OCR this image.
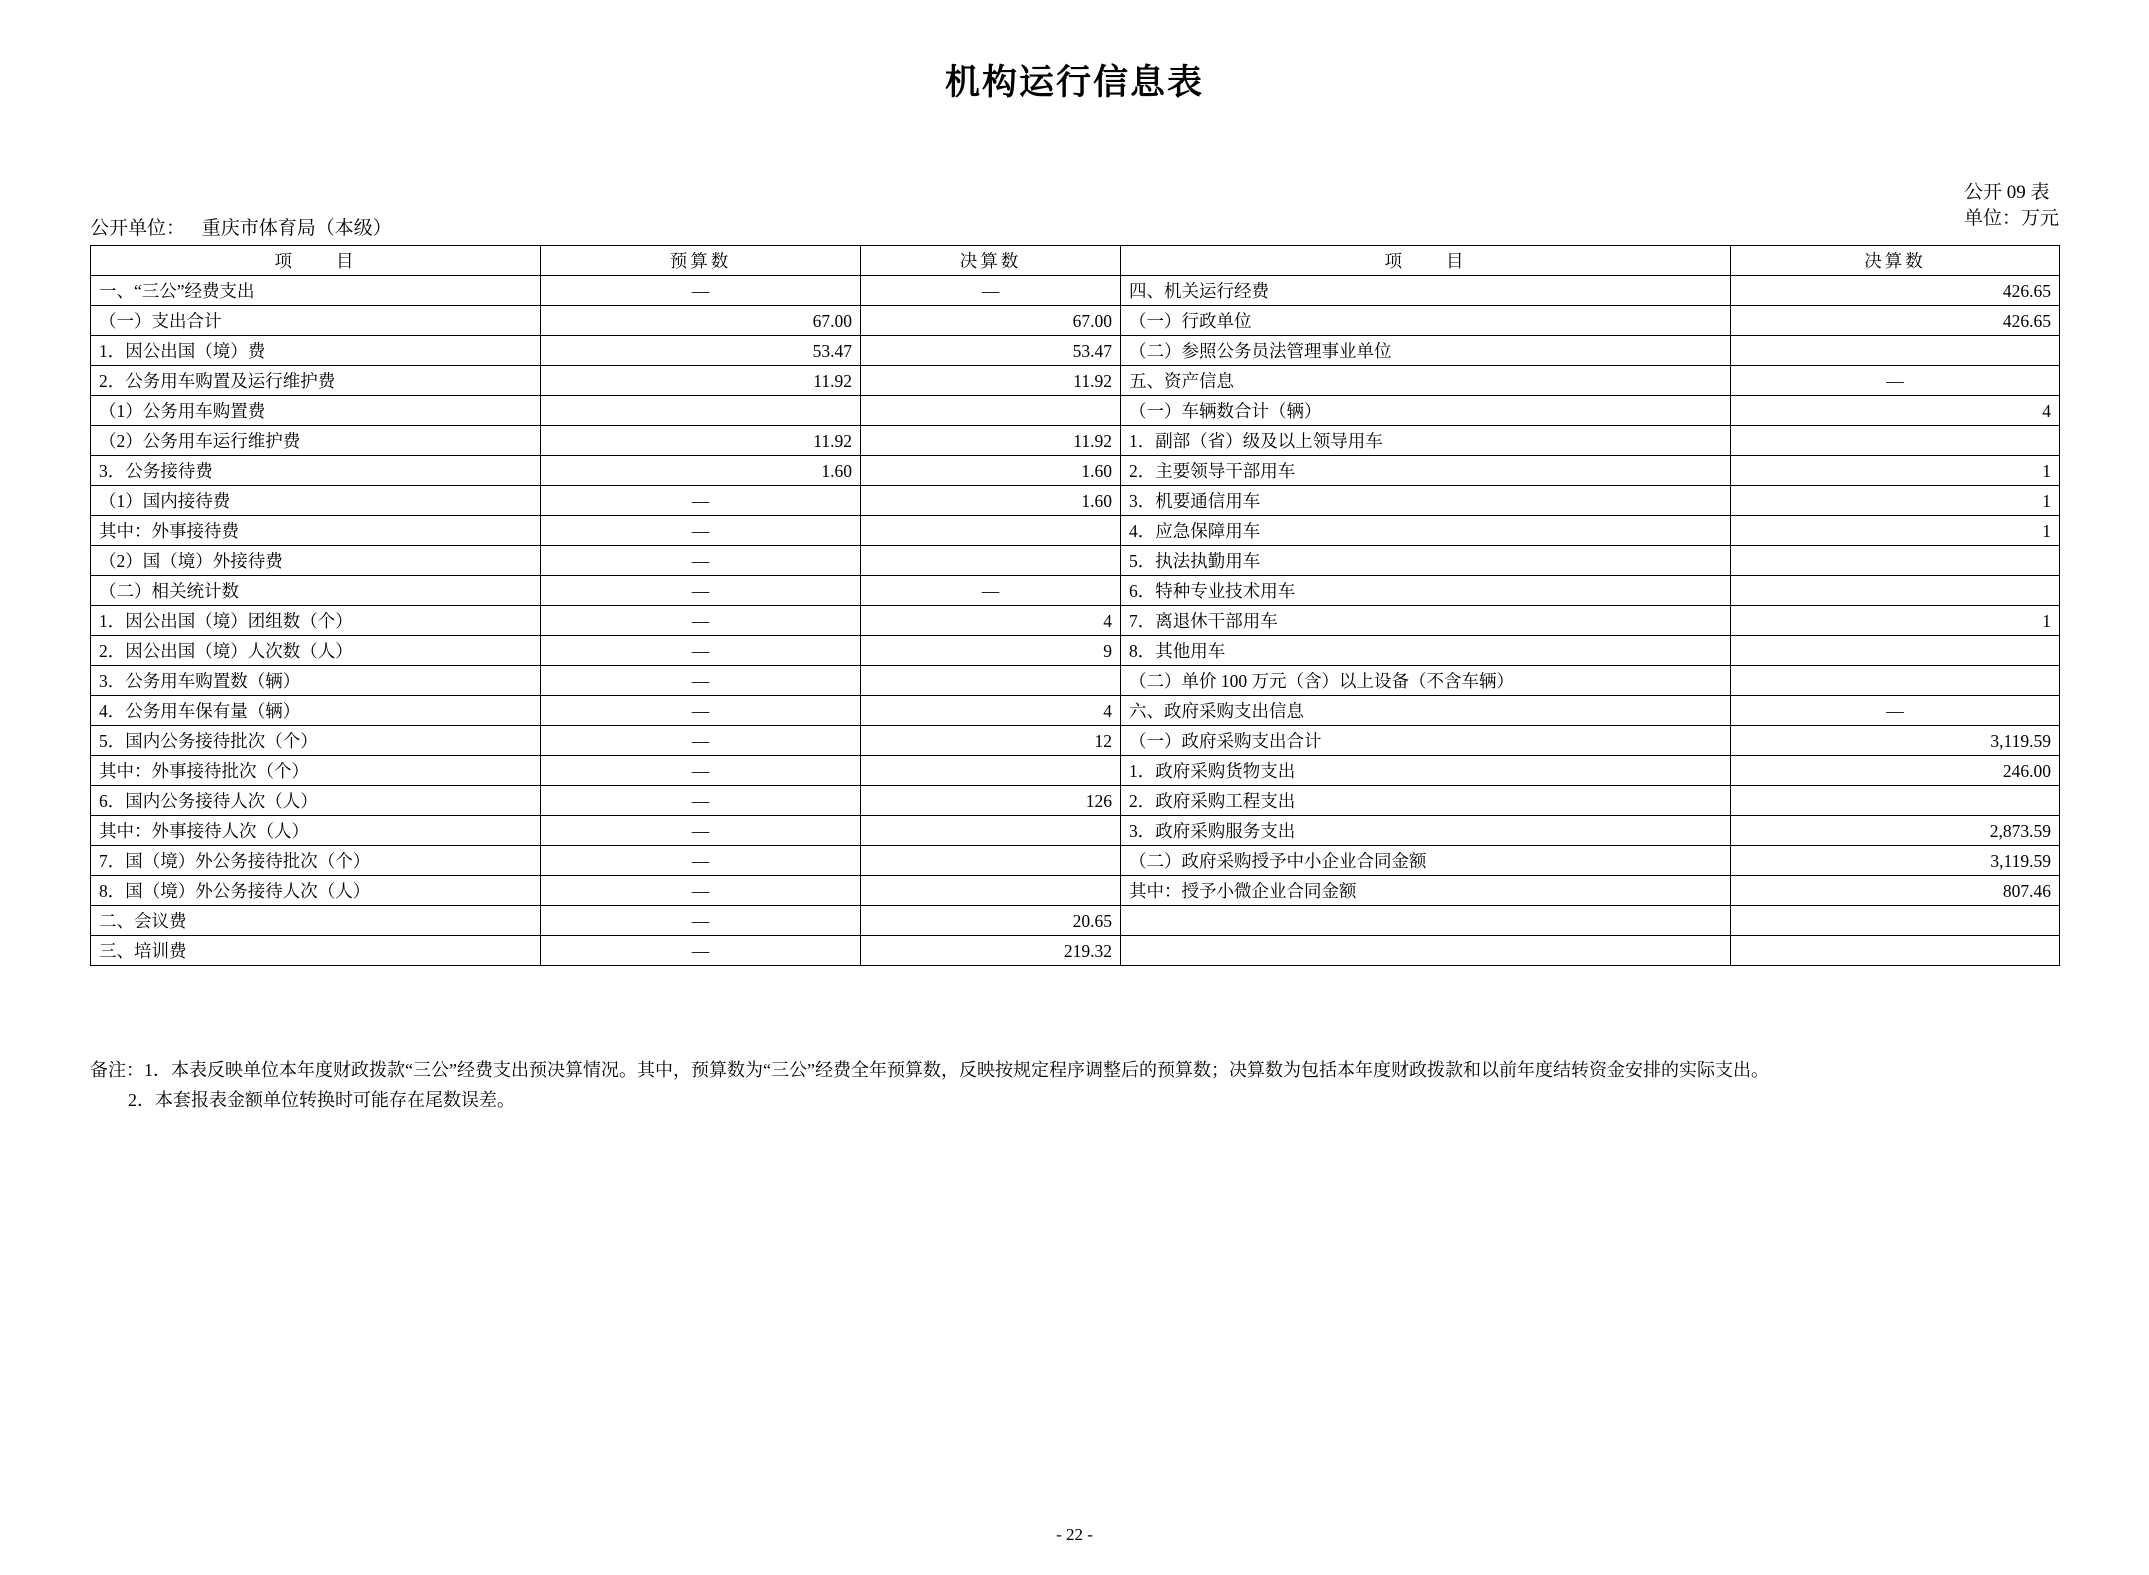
机构运行信息表
公开 09 表
单位：万元
公开单位： 重庆市体育局（本级）
项　　目	预算数	决算数	项　　目	决算数
一、“三公”经费支出	—	—	四、机关运行经费	426.65
（一）支出合计	67.00	67.00	（一）行政单位	426.65
1．因公出国（境）费	53.47	53.47	（二）参照公务员法管理事业单位	
2．公务用车购置及运行维护费	11.92	11.92	五、资产信息	—
（1）公务用车购置费			（一）车辆数合计（辆）	4
（2）公务用车运行维护费	11.92	11.92	1．副部（省）级及以上领导用车	
3．公务接待费	1.60	1.60	2．主要领导干部用车	1
（1）国内接待费	—	1.60	3．机要通信用车	1
其中：外事接待费	—		4．应急保障用车	1
（2）国（境）外接待费	—		5．执法执勤用车	
（二）相关统计数	—	—	6．特种专业技术用车	
1．因公出国（境）团组数（个）	—	4	7．离退休干部用车	1
2．因公出国（境）人次数（人）	—	9	8．其他用车	
3．公务用车购置数（辆）	—		（二）单价 100 万元（含）以上设备（不含车辆）	
4．公务用车保有量（辆）	—	4	六、政府采购支出信息	—
5．国内公务接待批次（个）	—	12	（一）政府采购支出合计	3,119.59
其中：外事接待批次（个）	—		1．政府采购货物支出	246.00
6．国内公务接待人次（人）	—	126	2．政府采购工程支出	
其中：外事接待人次（人）	—		3．政府采购服务支出	2,873.59
7．国（境）外公务接待批次（个）	—		（二）政府采购授予中小企业合同金额	3,119.59
8．国（境）外公务接待人次（人）	—		其中：授予小微企业合同金额	807.46
二、会议费	—	20.65		
三、培训费	—	219.32		
备注：1．本表反映单位本年度财政拨款“三公”经费支出预决算情况。其中，预算数为“三公”经费全年预算数，反映按规定程序调整后的预算数；决算数为包括本年度财政拨款和以前年度结转资金安排的实际支出。
2．本套报表金额单位转换时可能存在尾数误差。
- 22 -
